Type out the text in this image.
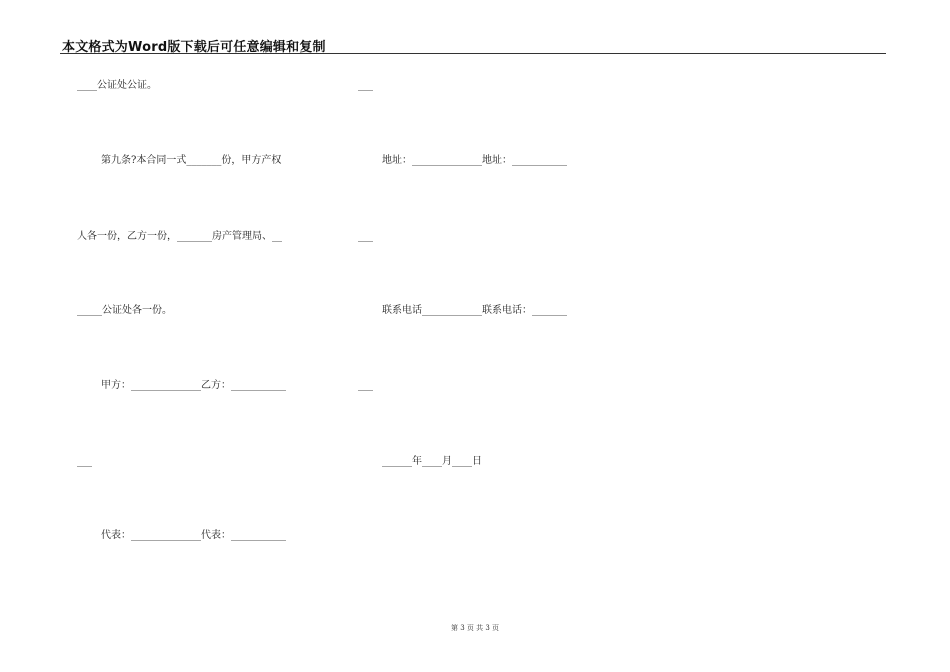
本文格式为Word版下载后可任意编辑和复制
____公证处公证。
第九条?本合同一式_______份，甲方产权
人各一份，乙方一份，_______房产管理局、__
_____公证处各一份。
甲方：______________乙方：___________
___
代表：______________代表：___________
___
地址：______________地址：___________
___
联系电话____________联系电话：_______
___
______年____月____日
第 3 页 共 3 页
